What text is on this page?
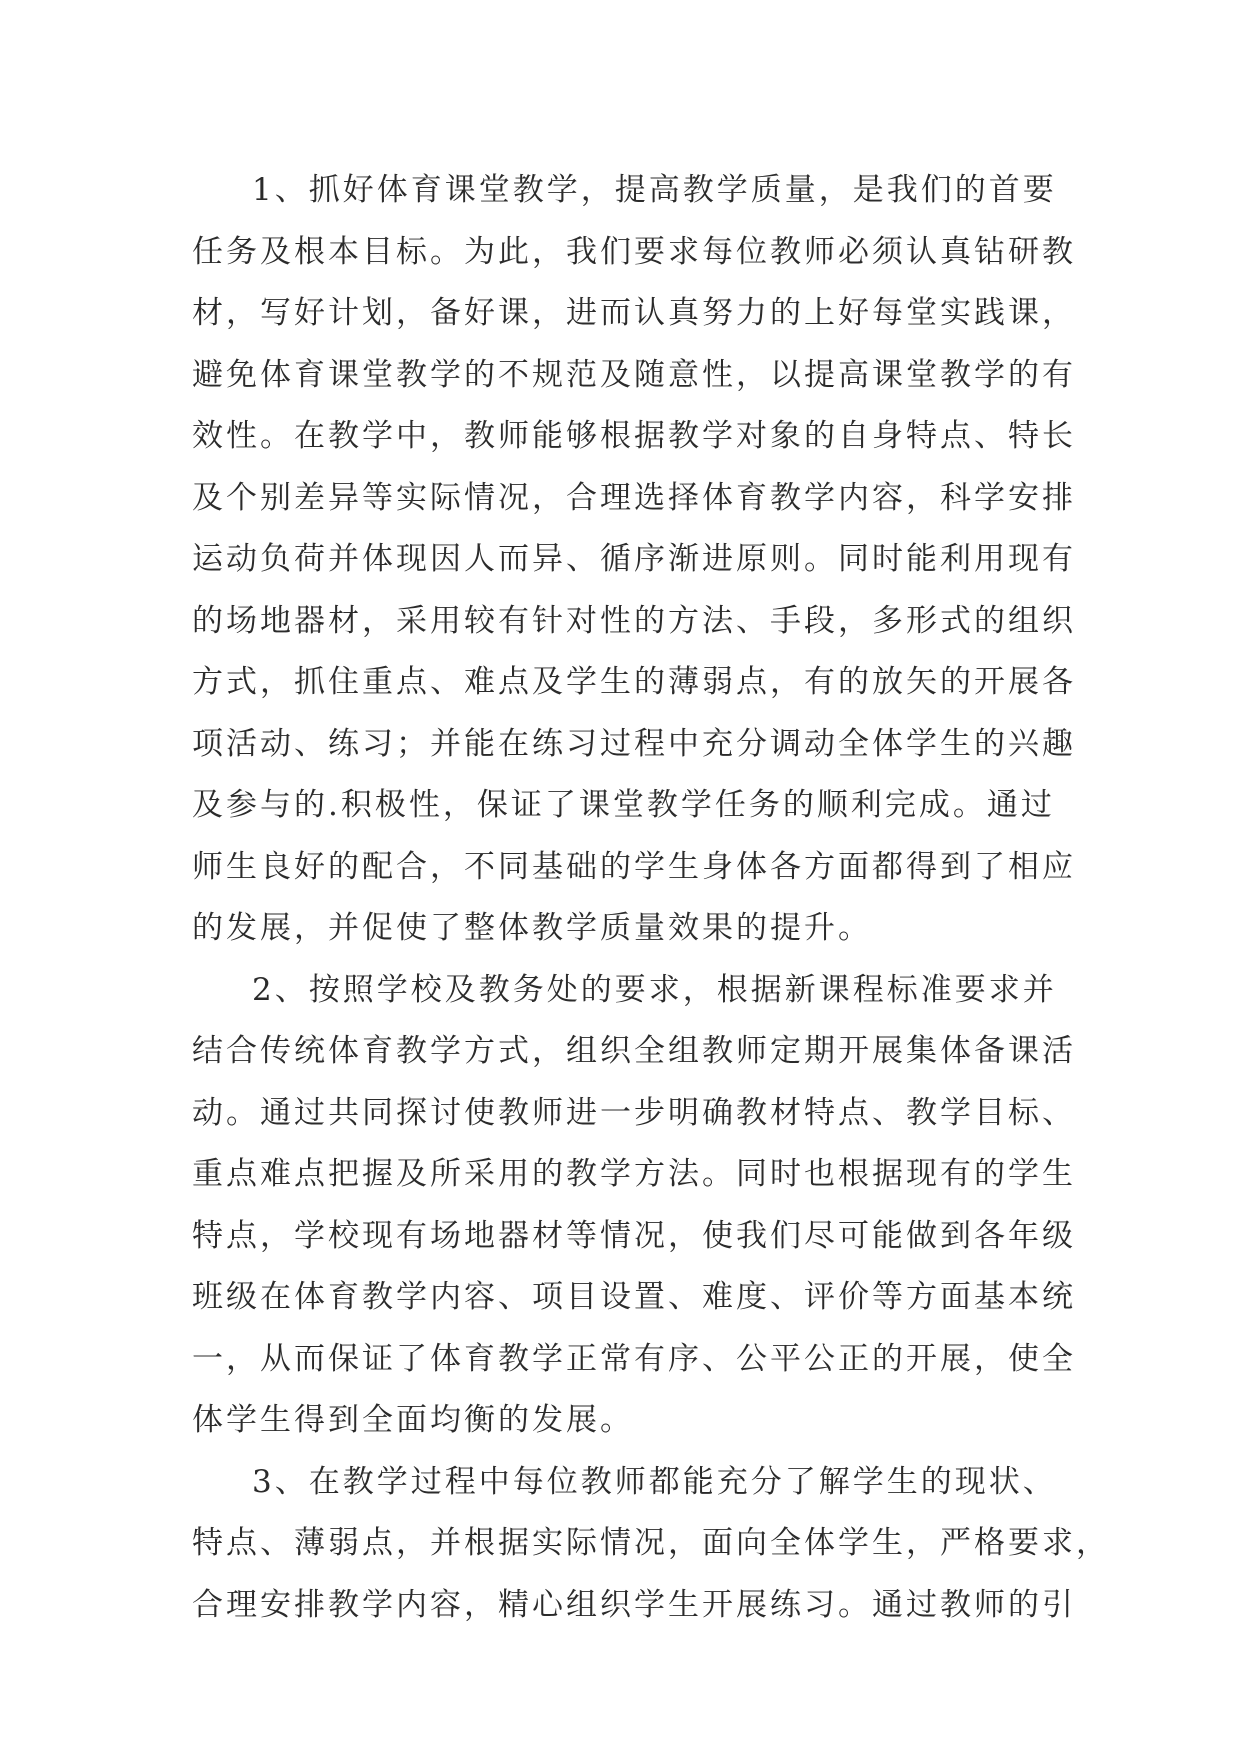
1、抓好体育课堂教学，提高教学质量，是我们的首要
任务及根本目标。为此，我们要求每位教师必须认真钻研教
材，写好计划，备好课，进而认真努力的上好每堂实践课，
避免体育课堂教学的不规范及随意性，以提高课堂教学的有
效性。在教学中，教师能够根据教学对象的自身特点、特长
及个别差异等实际情况，合理选择体育教学内容，科学安排
运动负荷并体现因人而异、循序渐进原则。同时能利用现有
的场地器材，采用较有针对性的方法、手段，多形式的组织
方式，抓住重点、难点及学生的薄弱点，有的放矢的开展各
项活动、练习；并能在练习过程中充分调动全体学生的兴趣
及参与的.积极性，保证了课堂教学任务的顺利完成。通过
师生良好的配合，不同基础的学生身体各方面都得到了相应
的发展，并促使了整体教学质量效果的提升。
2、按照学校及教务处的要求，根据新课程标准要求并
结合传统体育教学方式，组织全组教师定期开展集体备课活
动。通过共同探讨使教师进一步明确教材特点、教学目标、
重点难点把握及所采用的教学方法。同时也根据现有的学生
特点，学校现有场地器材等情况，使我们尽可能做到各年级
班级在体育教学内容、项目设置、难度、评价等方面基本统
一，从而保证了体育教学正常有序、公平公正的开展，使全
体学生得到全面均衡的发展。
3、在教学过程中每位教师都能充分了解学生的现状、
特点、薄弱点，并根据实际情况，面向全体学生，严格要求，
合理安排教学内容，精心组织学生开展练习。通过教师的引
